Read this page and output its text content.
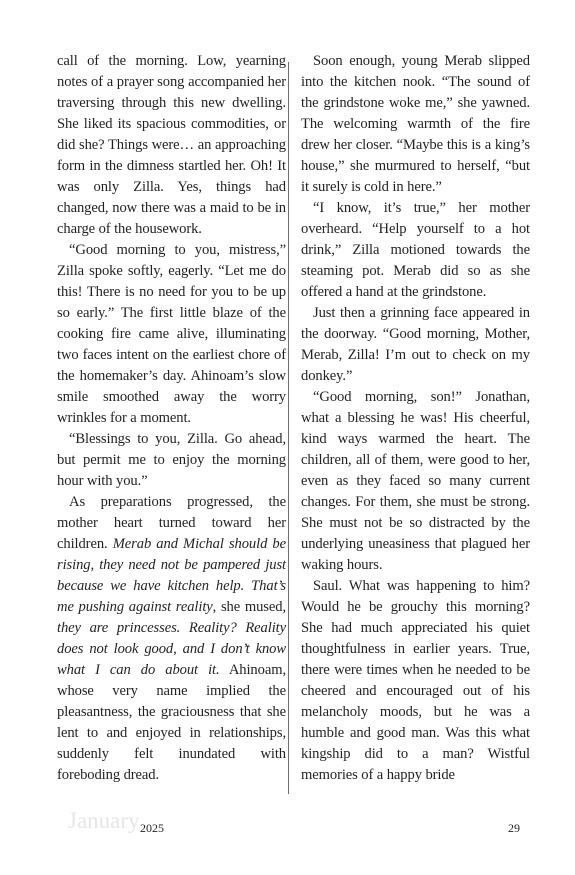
call of the morning. Low, yearning notes of a prayer song accompanied her traversing through this new dwelling. She liked its spacious commodities, or did she? Things were… an approaching form in the dimness startled her. Oh! It was only Zilla. Yes, things had changed, now there was a maid to be in charge of the housework.

“Good morning to you, mistress,” Zilla spoke softly, eagerly. “Let me do this! There is no need for you to be up so early.” The first little blaze of the cooking fire came alive, illuminating two faces intent on the earliest chore of the homemaker’s day. Ahinoam’s slow smile smoothed away the worry wrinkles for a moment.

“Blessings to you, Zilla. Go ahead, but permit me to enjoy the morning hour with you.”

As preparations progressed, the mother heart turned toward her children. Merab and Michal should be rising, they need not be pampered just because we have kitchen help. That’s me pushing against reality, she mused, they are princesses. Reality? Reality does not look good, and I don’t know what I can do about it. Ahinoam, whose very name implied the pleasantness, the graciousness that she lent to and enjoyed in relationships, suddenly felt inundated with foreboding dread.

Soon enough, young Merab slipped into the kitchen nook. “The sound of the grindstone woke me,” she yawned. The welcoming warmth of the fire drew her closer. “Maybe this is a king’s house,” she murmured to herself, “but it surely is cold in here.”

“I know, it’s true,” her mother overheard. “Help yourself to a hot drink,” Zilla motioned towards the steaming pot. Merab did so as she offered a hand at the grindstone.

Just then a grinning face appeared in the doorway. “Good morning, Mother, Merab, Zilla! I’m out to check on my donkey.”

“Good morning, son!” Jonathan, what a blessing he was! His cheerful, kind ways warmed the heart. The children, all of them, were good to her, even as they faced so many current changes. For them, she must be strong. She must not be so distracted by the underlying uneasiness that plagued her waking hours.

Saul. What was happening to him? Would he be grouchy this morning? She had much appreciated his quiet thoughtfulness in earlier years. True, there were times when he needed to be cheered and encouraged out of his melancholy moods, but he was a humble and good man. Was this what kingship did to a man? Wistful memories of a happy bride

January 2025	29
